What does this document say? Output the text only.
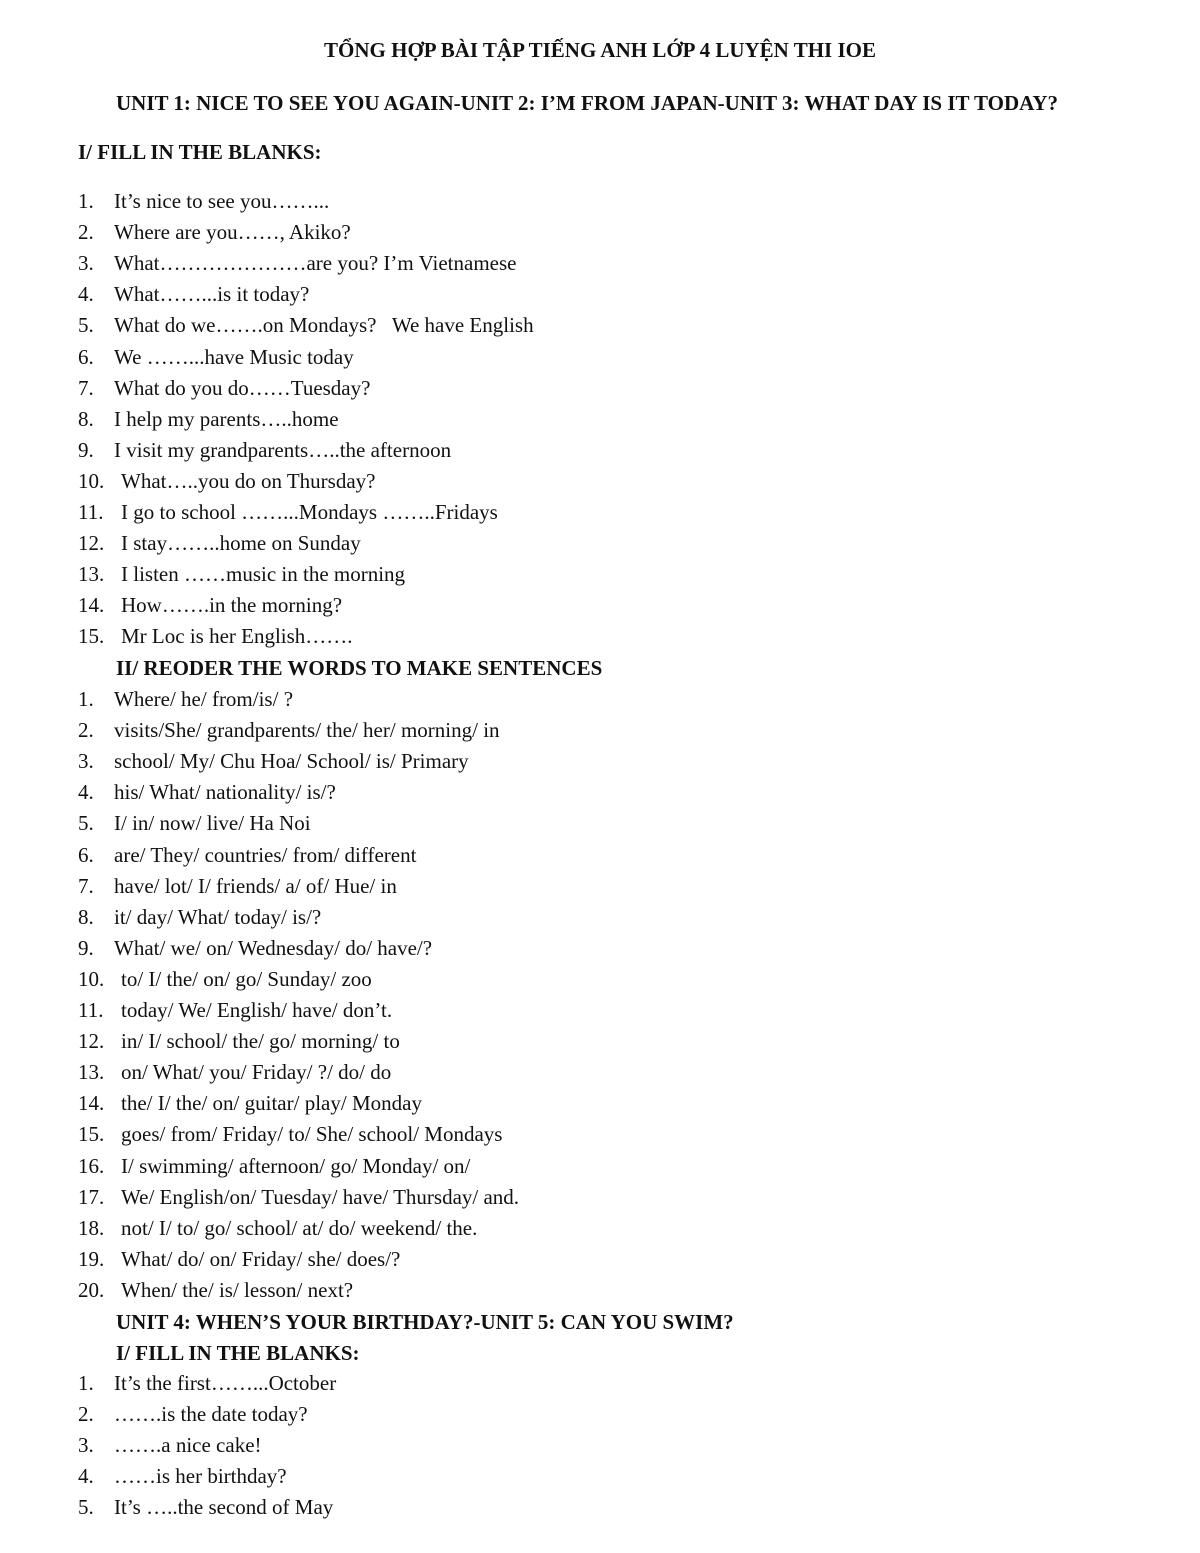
TỔNG HỢP BÀI TẬP TIẾNG ANH LỚP 4 LUYỆN THI IOE
UNIT 1: NICE TO SEE YOU AGAIN-UNIT 2: I’M FROM JAPAN-UNIT 3: WHAT DAY IS IT TODAY?
I/ FILL IN THE BLANKS:
1. It’s nice to see you……...
2. Where are you……, Akiko?
3. What…………………are you? I’m Vietnamese
4. What……...is it today?
5. What do we…….on Mondays?   We have English
6. We ……...have Music today
7. What do you do……Tuesday?
8. I help my parents…..home
9. I visit my grandparents…..the afternoon
10. What…..you do on Thursday?
11. I go to school ……...Mondays ……..Fridays
12. I stay……..home on Sunday
13. I listen ……music in the morning
14. How…….in the morning?
15. Mr Loc is her English…….
II/ REODER THE WORDS TO MAKE SENTENCES
1. Where/ he/ from/is/ ?
2. visits/She/ grandparents/ the/ her/ morning/ in
3. school/ My/ Chu Hoa/ School/ is/ Primary
4. his/ What/ nationality/ is/?
5. I/ in/ now/ live/ Ha Noi
6. are/ They/ countries/ from/ different
7. have/ lot/ I/ friends/ a/ of/ Hue/ in
8. it/ day/ What/ today/ is/?
9. What/ we/ on/ Wednesday/ do/ have/?
10. to/ I/ the/ on/ go/ Sunday/ zoo
11. today/ We/ English/ have/ don’t.
12. in/ I/ school/ the/ go/ morning/ to
13. on/ What/ you/ Friday/ ?/ do/ do
14. the/ I/ the/ on/ guitar/ play/ Monday
15. goes/ from/ Friday/ to/ She/ school/ Mondays
16. I/ swimming/ afternoon/ go/ Monday/ on/
17. We/ English/on/ Tuesday/ have/ Thursday/ and.
18. not/ I/ to/ go/ school/ at/ do/ weekend/ the.
19. What/ do/ on/ Friday/ she/ does/?
20. When/ the/ is/ lesson/ next?
UNIT 4: WHEN’S YOUR BIRTHDAY?-UNIT 5: CAN YOU SWIM?
I/ FILL IN THE BLANKS:
1. It’s the first……...October
2. …….is the date today?
3. …….a nice cake!
4. ……is her birthday?
5. It’s …..the second of May
